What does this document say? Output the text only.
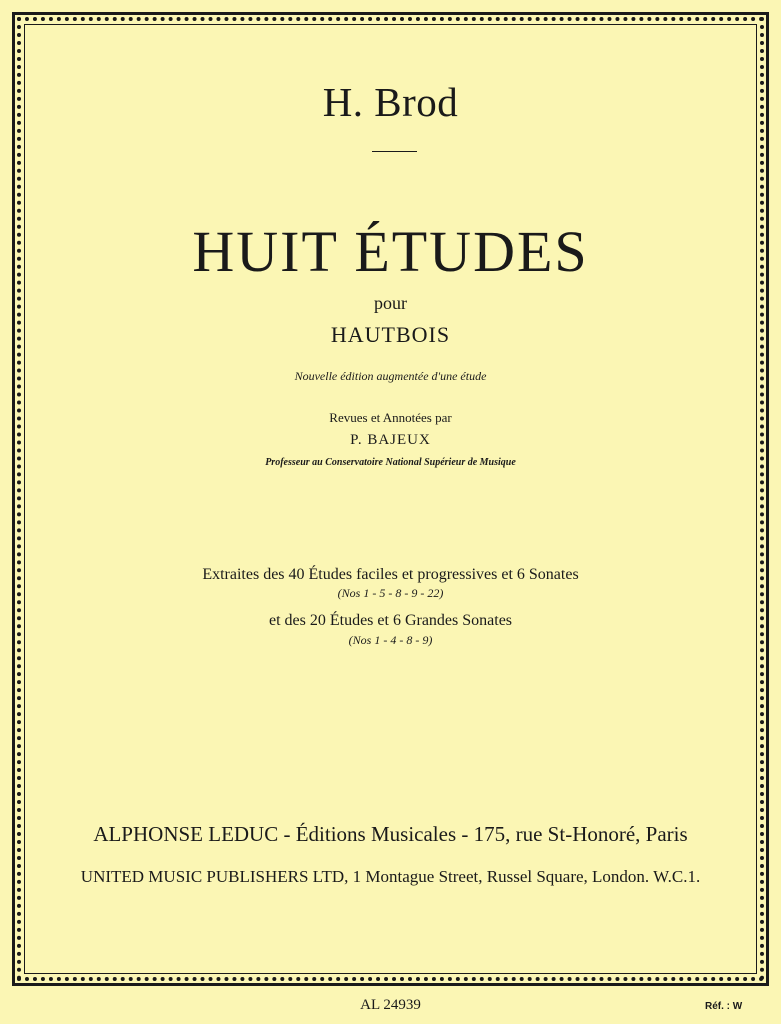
H. Brod
HUIT ÉTUDES
pour
HAUTBOIS
Nouvelle édition augmentée d'une étude
Revues et Annotées par
P. BAJEUX
Professeur au Conservatoire National Supérieur de Musique
Extraites des 40 Études faciles et progressives et 6 Sonates
(Nos 1 - 5 - 8 - 9 - 22)
et des 20 Études et 6 Grandes Sonates
(Nos 1 - 4 - 8 - 9)
ALPHONSE LEDUC - Éditions Musicales - 175, rue St-Honoré, Paris
UNITED MUSIC PUBLISHERS LTD, 1 Montague Street, Russel Square, London. W.C.1.
AL 24939	Réf. : W
